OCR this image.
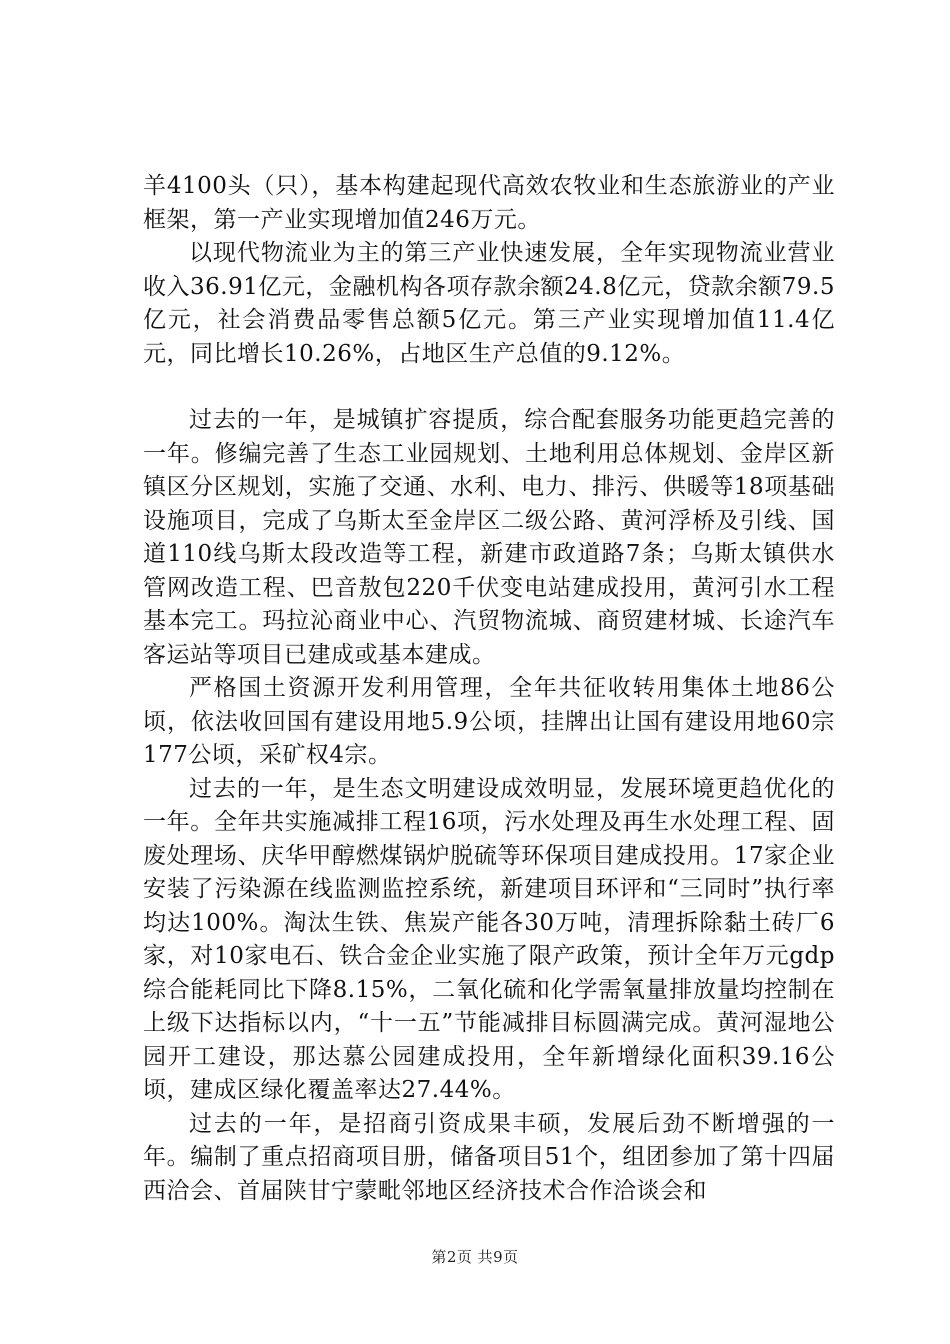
羊4100头（只），基本构建起现代高效农牧业和生态旅游业的产业框架，第一产业实现增加值246万元。

以现代物流业为主的第三产业快速发展，全年实现物流业营业收入36.91亿元，金融机构各项存款余额24.8亿元，贷款余额79.5亿元，社会消费品零售总额5亿元。第三产业实现增加值11.4亿元，同比增长10.26%，占地区生产总值的9.12%。

过去的一年，是城镇扩容提质，综合配套服务功能更趋完善的一年。修编完善了生态工业园规划、土地利用总体规划、金岸区新镇区分区规划，实施了交通、水利、电力、排污、供暖等18项基础设施项目，完成了乌斯太至金岸区二级公路、黄河浮桥及引线、国道110线乌斯太段改造等工程，新建市政道路7条；乌斯太镇供水管网改造工程、巴音敖包220千伏变电站建成投用，黄河引水工程基本完工。玛拉沁商业中心、汽贸物流城、商贸建材城、长途汽车客运站等项目已建成或基本建成。

严格国土资源开发利用管理，全年共征收转用集体土地86公顷，依法收回国有建设用地5.9公顷，挂牌出让国有建设用地60宗177公顷，采矿权4宗。

过去的一年，是生态文明建设成效明显，发展环境更趋优化的一年。全年共实施减排工程16项，污水处理及再生水处理工程、固废处理场、庆华甲醇燃煤锅炉脱硫等环保项目建成投用。17家企业安装了污染源在线监测监控系统，新建项目环评和“三同时”执行率均达100%。淘汰生铁、焦炭产能各30万吨，清理拆除黏土砖厂6家，对10家电石、铁合金企业实施了限产政策，预计全年万元gdp综合能耗同比下降8.15%，二氧化硫和化学需氧量排放量均控制在上级下达指标以内，“十一五”节能减排目标圆满完成。黄河湿地公园开工建设，那达慕公园建成投用，全年新增绿化面积39.16公顷，建成区绿化覆盖率达27.44%。

过去的一年，是招商引资成果丰硕，发展后劲不断增强的一年。编制了重点招商项目册，储备项目51个，组团参加了第十四届西洽会、首届陕甘宁蒙毗邻地区经济技术合作洽谈会和

第2页 共9页
